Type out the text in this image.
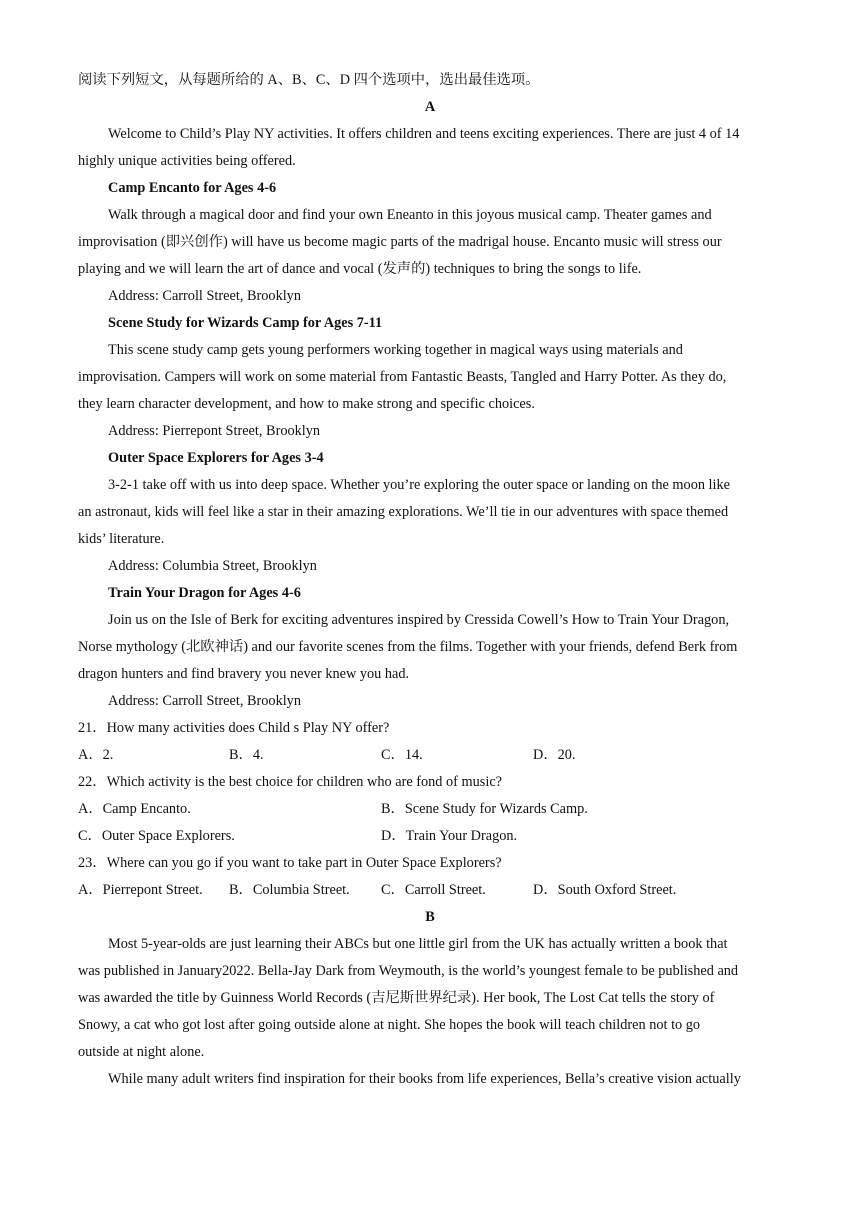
阅读下列短文，从每题所给的 A、B、C、D 四个选项中，选出最佳选项。
A
Welcome to Child’s Play NY activities. It offers children and teens exciting experiences. There are just 4 of 14
highly unique activities being offered.
Camp Encanto for Ages 4-6
Walk through a magical door and find your own Eneanto in this joyous musical camp. Theater games and
improvisation (即兴创作) will have us become magic parts of the madrigal house. Encanto music will stress our
playing and we will learn the art of dance and vocal (发声的) techniques to bring the songs to life.
Address: Carroll Street, Brooklyn
Scene Study for Wizards Camp for Ages 7-11
This scene study camp gets young performers working together in magical ways using materials and
improvisation. Campers will work on some material from Fantastic Beasts, Tangled and Harry Potter. As they do,
they learn character development, and how to make strong and specific choices.
Address: Pierrepont Street, Brooklyn
Outer Space Explorers for Ages 3-4
3-2-1 take off with us into deep space. Whether you’re exploring the outer space or landing on the moon like
an astronaut, kids will feel like a star in their amazing explorations. We’ll tie in our adventures with space themed
kids’ literature.
Address: Columbia Street, Brooklyn
Train Your Dragon for Ages 4-6
Join us on the Isle of Berk for exciting adventures inspired by Cressida Cowell’s How to Train Your Dragon,
Norse mythology (北欧神话) and our favorite scenes from the films. Together with your friends, defend Berk from
dragon hunters and find bravery you never knew you had.
Address: Carroll Street, Brooklyn
21．How many activities does Child s Play NY offer?
A．2.	B．4.	C．14.	D．20.
22．Which activity is the best choice for children who are fond of music?
A．Camp Encanto.	B．Scene Study for Wizards Camp.
C．Outer Space Explorers.	D．Train Your Dragon.
23．Where can you go if you want to take part in Outer Space Explorers?
A．Pierrepont Street. B．Columbia Street. C．Carroll Street.	D．South Oxford Street.
B
Most 5-year-olds are just learning their ABCs but one little girl from the UK has actually written a book that
was published in January2022. Bella-Jay Dark from Weymouth, is the world’s youngest female to be published and
was awarded the title by Guinness World Records (吉尼斯世界纪录). Her book, The Lost Cat tells the story of
Snowy, a cat who got lost after going outside alone at night. She hopes the book will teach children not to go
outside at night alone.
While many adult writers find inspiration for their books from life experiences, Bella’s creative vision actually
